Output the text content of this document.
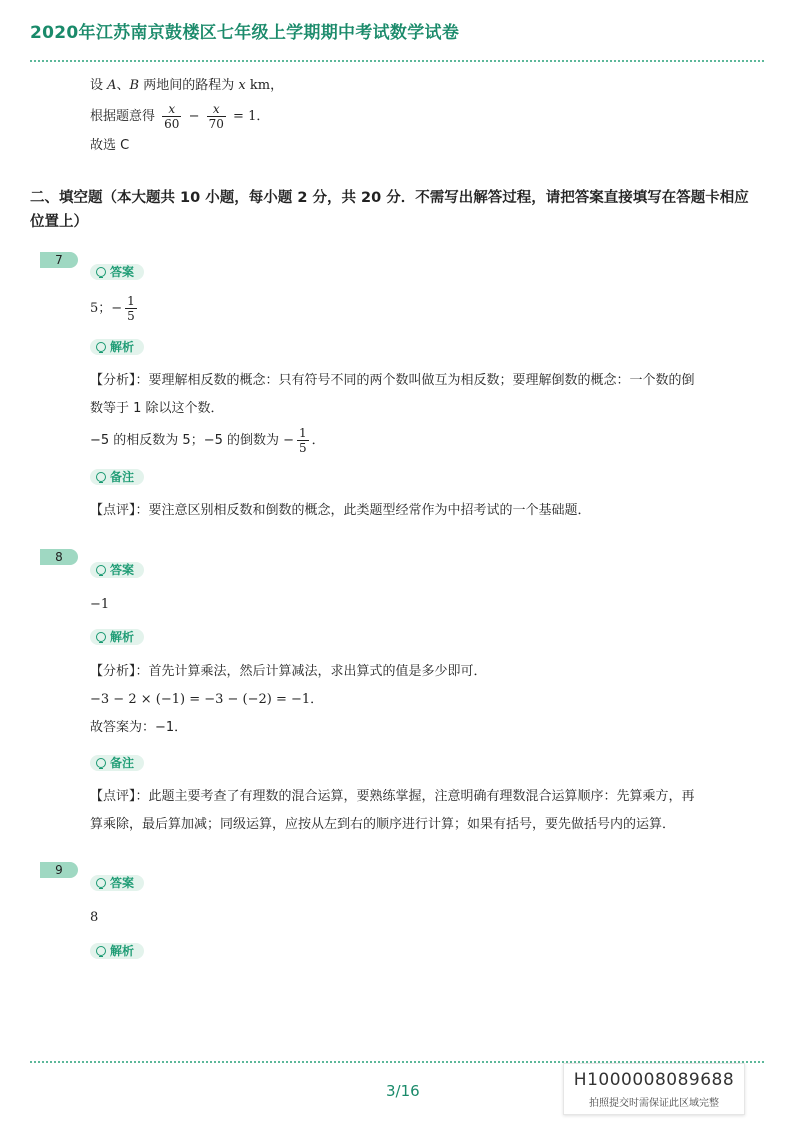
2020年江苏南京鼓楼区七年级上学期期中考试数学试卷
设 A、B 两地间的路程为 x km，
根据题意得 $\frac{x}{60} - \frac{x}{70} = 1$．
故选 C
二、填空题（本大题共 10 小题，每小题 2 分，共 20 分．不需写出解答过程，请把答案直接填写在答题卡相应位置上）
7
答案
5；− $\frac{1}{5}$
解析
【分析】：要理解相反数的概念：只有符号不同的两个数叫做互为相反数；要理解倒数的概念：一个数的倒
数等于 1 除以这个数．
−5 的相反数为 5；−5 的倒数为 − $\frac{1}{5}$ ．
备注
【点评】：要注意区别相反数和倒数的概念，此类题型经常作为中招考试的一个基础题．
8
答案
−1
解析
【分析】：首先计算乘法，然后计算减法，求出算式的值是多少即可．
−3 − 2 × (−1) = −3 − (−2) = −1．
故答案为：−1．
备注
【点评】：此题主要考查了有理数的混合运算，要熟练掌握，注意明确有理数混合运算顺序：先算乘方，再
算乘除，最后算加减；同级运算，应按从左到右的顺序进行计算；如果有括号，要先做括号内的运算．
9
答案
8
解析
3/16
H1000008089688
拍照提交时需保证此区域完整
